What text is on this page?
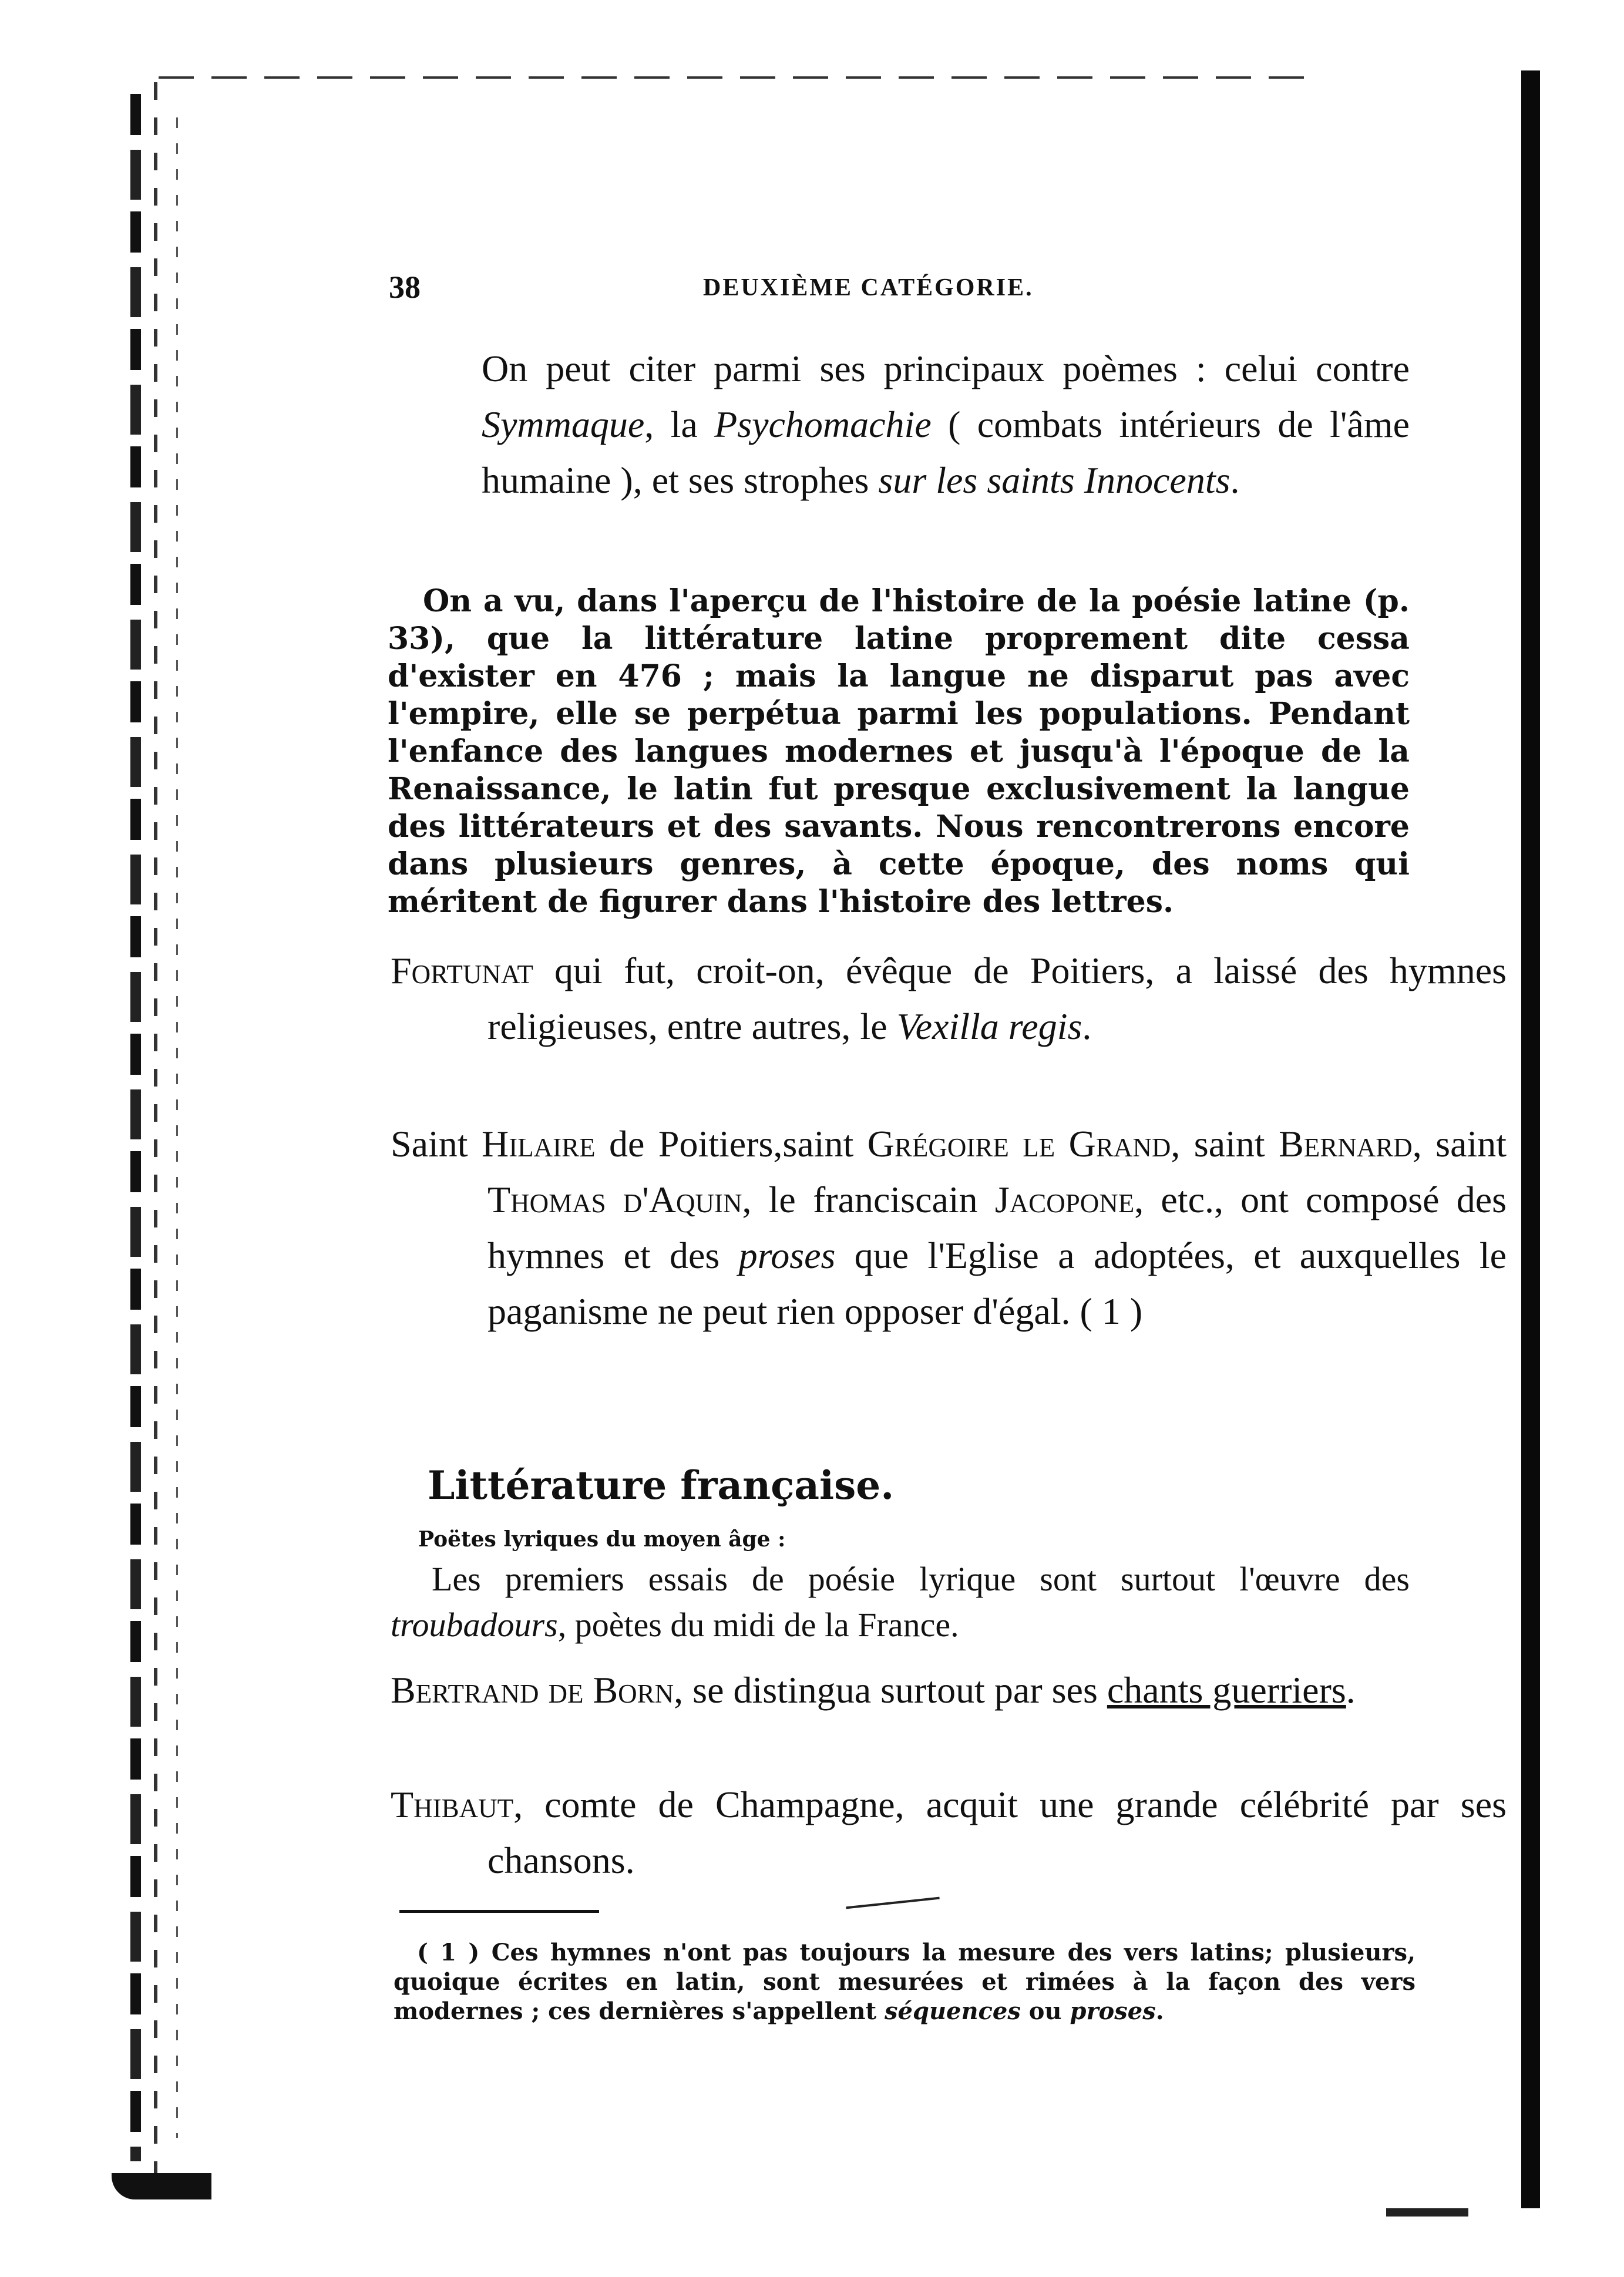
38	DEUXIÈME CATÉGORIE.

On peut citer parmi ses principaux poèmes : celui contre Symmaque, la Psychomachie ( combats intérieurs de l'âme humaine ), et ses strophes sur les saints Innocents.

On a vu, dans l'aperçu de l'histoire de la poésie latine (p. 33), que la littérature latine proprement dite cessa d'exister en 476 ; mais la langue ne disparut pas avec l'empire, elle se perpétua parmi les populations. Pendant l'enfance des langues modernes et jusqu'à l'époque de la Renaissance, le latin fut presque exclusivement la langue des littérateurs et des savants. Nous rencontrerons encore dans plusieurs genres, à cette époque, des noms qui méritent de figurer dans l'histoire des lettres.

Fortunat qui fut, croit-on, évêque de Poitiers, a laissé des hymnes religieuses, entre autres, le Vexilla regis.

Saint Hilaire de Poitiers,saint Grégoire le Grand, saint Bernard, saint Thomas d'Aquin, le franciscain Jacopone, etc., ont composé des hymnes et des proses que l'Eglise a adoptées, et auxquelles le paganisme ne peut rien opposer d'égal. ( 1 )

Littérature française.
Poëtes lyriques du moyen âge :

Les premiers essais de poésie lyrique sont surtout l'œuvre des troubadours, poètes du midi de la France.

Bertrand de Born, se distingua surtout par ses chants guerriers.

Thibaut, comte de Champagne, acquit une grande célébrité par ses chansons.

( 1 ) Ces hymnes n'ont pas toujours la mesure des vers latins; plusieurs, quoique écrites en latin, sont mesurées et rimées à la façon des vers modernes ; ces dernières s'appellent séquences ou proses.
